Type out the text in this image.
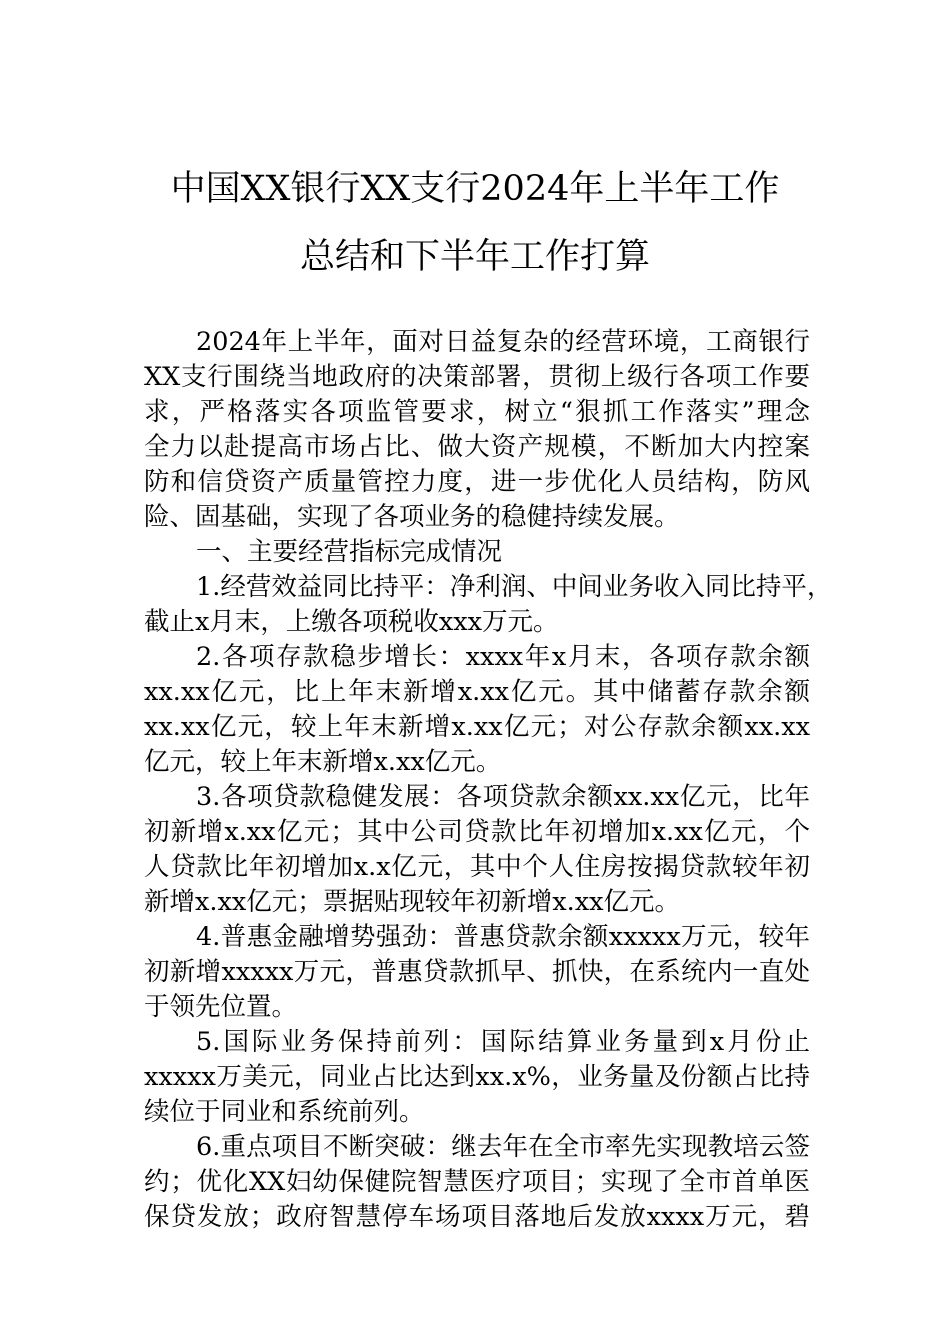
中国XX银行XX支行2024年上半年工作
总结和下半年工作打算
2024年上半年，面对日益复杂的经营环境，工商银行
XX支行围绕当地政府的决策部署，贯彻上级行各项工作要
求，严格落实各项监管要求，树立“狠抓工作落实”理念
全力以赴提高市场占比、做大资产规模，不断加大内控案
防和信贷资产质量管控力度，进一步优化人员结构，防风
险、固基础，实现了各项业务的稳健持续发展。
一、主要经营指标完成情况
1.经营效益同比持平：净利润、中间业务收入同比持平，
截止x月末，上缴各项税收xxx万元。
2.各项存款稳步增长：xxxx年x月末，各项存款余额
xx.xx亿元，比上年末新增x.xx亿元。其中储蓄存款余额
xx.xx亿元，较上年末新增x.xx亿元；对公存款余额xx.xx
亿元，较上年末新增x.xx亿元。
3.各项贷款稳健发展：各项贷款余额xx.xx亿元，比年
初新增x.xx亿元；其中公司贷款比年初增加x.xx亿元，个
人贷款比年初增加x.x亿元，其中个人住房按揭贷款较年初
新增x.xx亿元；票据贴现较年初新增x.xx亿元。
4.普惠金融增势强劲：普惠贷款余额xxxxx万元，较年
初新增xxxxx万元，普惠贷款抓早、抓快，在系统内一直处
于领先位置。
5.国际业务保持前列：国际结算业务量到x月份止
xxxxx万美元，同业占比达到xx.x%，业务量及份额占比持
续位于同业和系统前列。
6.重点项目不断突破：继去年在全市率先实现教培云签
约；优化XX妇幼保健院智慧医疗项目；实现了全市首单医
保贷发放；政府智慧停车场项目落地后发放xxxx万元，碧
